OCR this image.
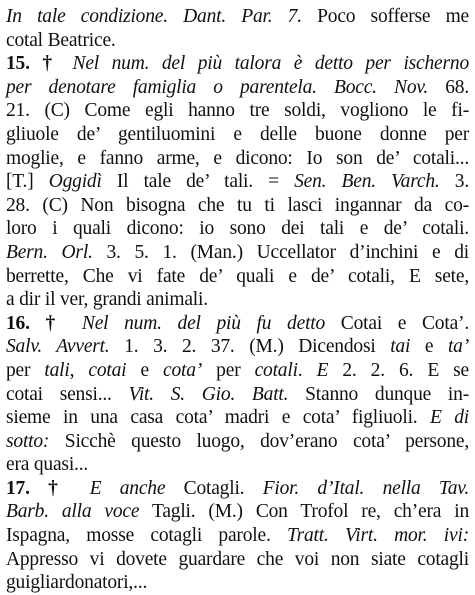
In tale condizione. Dant. Par. 7. Poco sofferse me
cotal Beatrice.
15. † Nel num. del più talora è detto per ischerno
per denotare famiglia o parentela. Bocc. Nov. 68.
21. (C) Come egli hanno tre soldi, vogliono le fi-
gliuole de’ gentiluomini e delle buone donne per
moglie, e fanno arme, e dicono: Io son de’ cotali...
[T.] Oggidì Il tale de’ tali. = Sen. Ben. Varch. 3.
28. (C) Non bisogna che tu ti lasci ingannar da co-
loro i quali dicono: io sono dei tali e de’ cotali.
Bern. Orl. 3. 5. 1. (Man.) Uccellator d’inchini e di
berrette, Che vi fate de’ quali e de’ cotali, E sete,
a dir il ver, grandi animali.
16. † Nel num. del più fu detto Cotai e Cota’.
Salv. Avvert. 1. 3. 2. 37. (M.) Dicendosi tai e ta’
per tali, cotai e cota’ per cotali. E 2. 2. 6. E se
cotai sensi... Vit. S. Gio. Batt. Stanno dunque in-
sieme in una casa cota’ madri e cota’ figliuoli. E di
sotto: Sicchè questo luogo, dov’erano cota’ persone,
era quasi...
17. † E anche Cotagli. Fior. d’Ital. nella Tav.
Barb. alla voce Tagli. (M.) Con Trofol re, ch’era in
Ispagna, mosse cotagli parole. Tratt. Virt. mor. ivi:
Appresso vi dovete guardare che voi non siate cotagli
guigliardonatori,...
